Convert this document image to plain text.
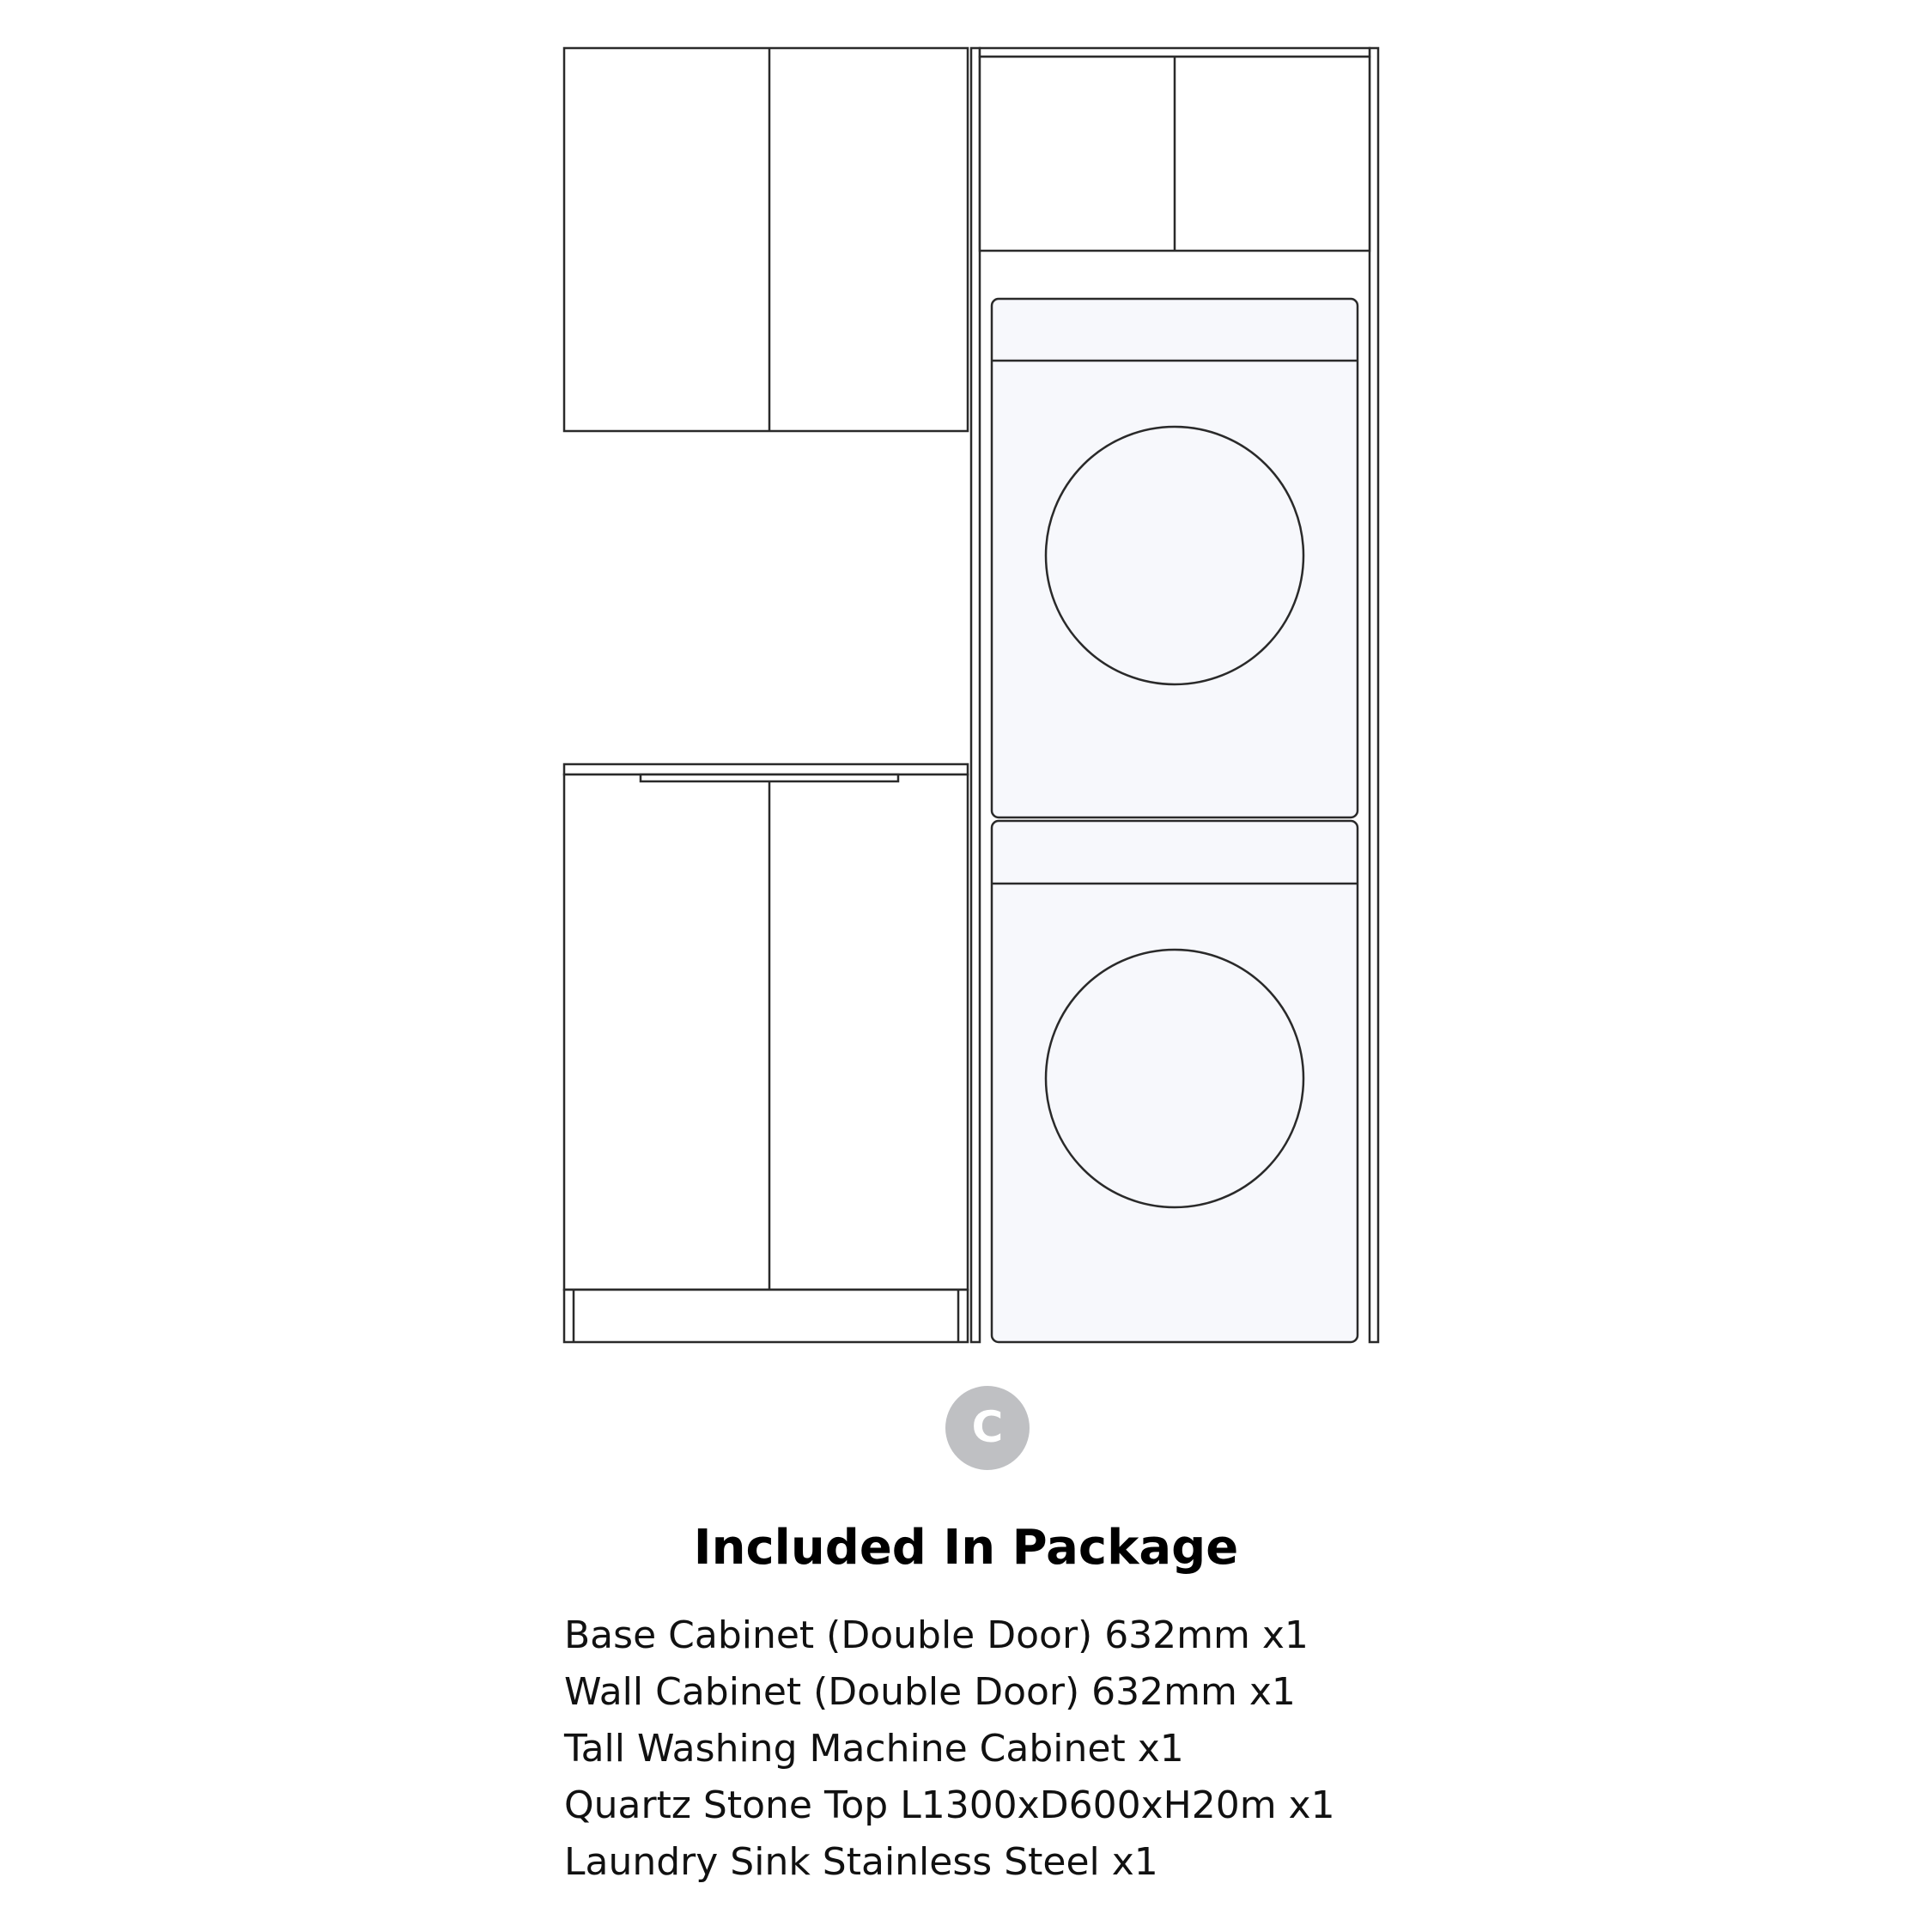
C
Included In Package
Base Cabinet (Double Door) 632mm x1
Wall Cabinet (Double Door) 632mm x1
Tall Washing Machine Cabinet x1
Quartz Stone Top L1300xD600xH20m x1
Laundry Sink Stainless Steel x1
